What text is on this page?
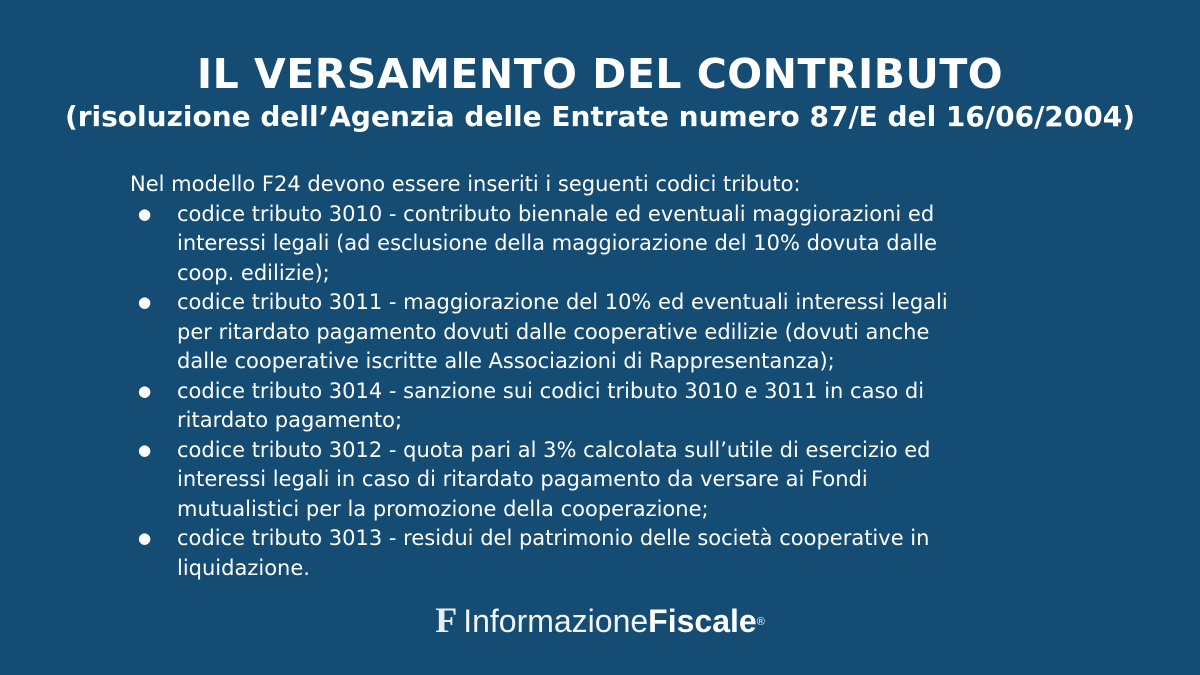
IL VERSAMENTO DEL CONTRIBUTO
(risoluzione dell’Agenzia delle Entrate numero 87/E del 16/06/2004)

Nel modello F24 devono essere inseriti i seguenti codici tributo:

● codice tributo 3010 - contributo biennale ed eventuali maggiorazioni ed
interessi legali (ad esclusione della maggiorazione del 10% dovuta dalle
coop. edilizie);
● codice tributo 3011 - maggiorazione del 10% ed eventuali interessi legali
per ritardato pagamento dovuti dalle cooperative edilizie (dovuti anche
dalle cooperative iscritte alle Associazioni di Rappresentanza);
● codice tributo 3014 - sanzione sui codici tributo 3010 e 3011 in caso di
ritardato pagamento;
● codice tributo 3012 - quota pari al 3% calcolata sull’utile di esercizio ed
interessi legali in caso di ritardato pagamento da versare ai Fondi
mutualistici per la promozione della cooperazione;
● codice tributo 3013 - residui del patrimonio delle società cooperative in
liquidazione.
F InformazioneFiscale®
